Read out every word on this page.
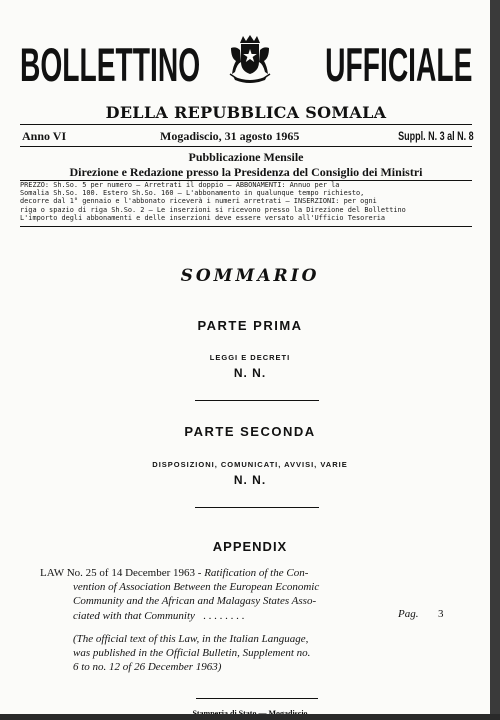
BOLLETTINO	UFFICIALE
DELLA REPUBBLICA SOMALA
Anno VI	Mogadiscio, 31 agosto 1965	Suppl. N. 3 al N. 8
Pubblicazione Mensile
Direzione e Redazione presso la Presidenza del Consiglio dei Ministri
PREZZO: Sh.So. 5 per numero — Arretrati il doppio — ABBONAMENTI: Annuo per la
Somalia Sh.So. 100. Estero Sh.So. 160 — L'abbonamento in qualunque tempo richiesto,
decorre dal 1° gennaio e l'abbonato riceverà i numeri arretrati — INSERZIONI: per ogni
riga o spazio di riga Sh.So. 2 — Le inserzioni si ricevono presso la Direzione del Bollettino
L'importo degli abbonamenti e delle inserzioni deve essere versato all'Ufficio Tesoreria
SOMMARIO
PARTE PRIMA
LEGGI E DECRETI
N. N.
PARTE SECONDA
DISPOSIZIONI, COMUNICATI, AVVISI, VARIE
N. N.
APPENDIX
LAW No. 25 of 14 December 1963 - Ratification of the Con-
vention of Association Between the European Economic
Community and the African and Malagasy States Asso-
ciated with that Community . . . . . . . .	Pag. 3
(The official text of this Law, in the Italian Language,
was published in the Official Bulletin, Supplement no.
6 to no. 12 of 26 December 1963)
